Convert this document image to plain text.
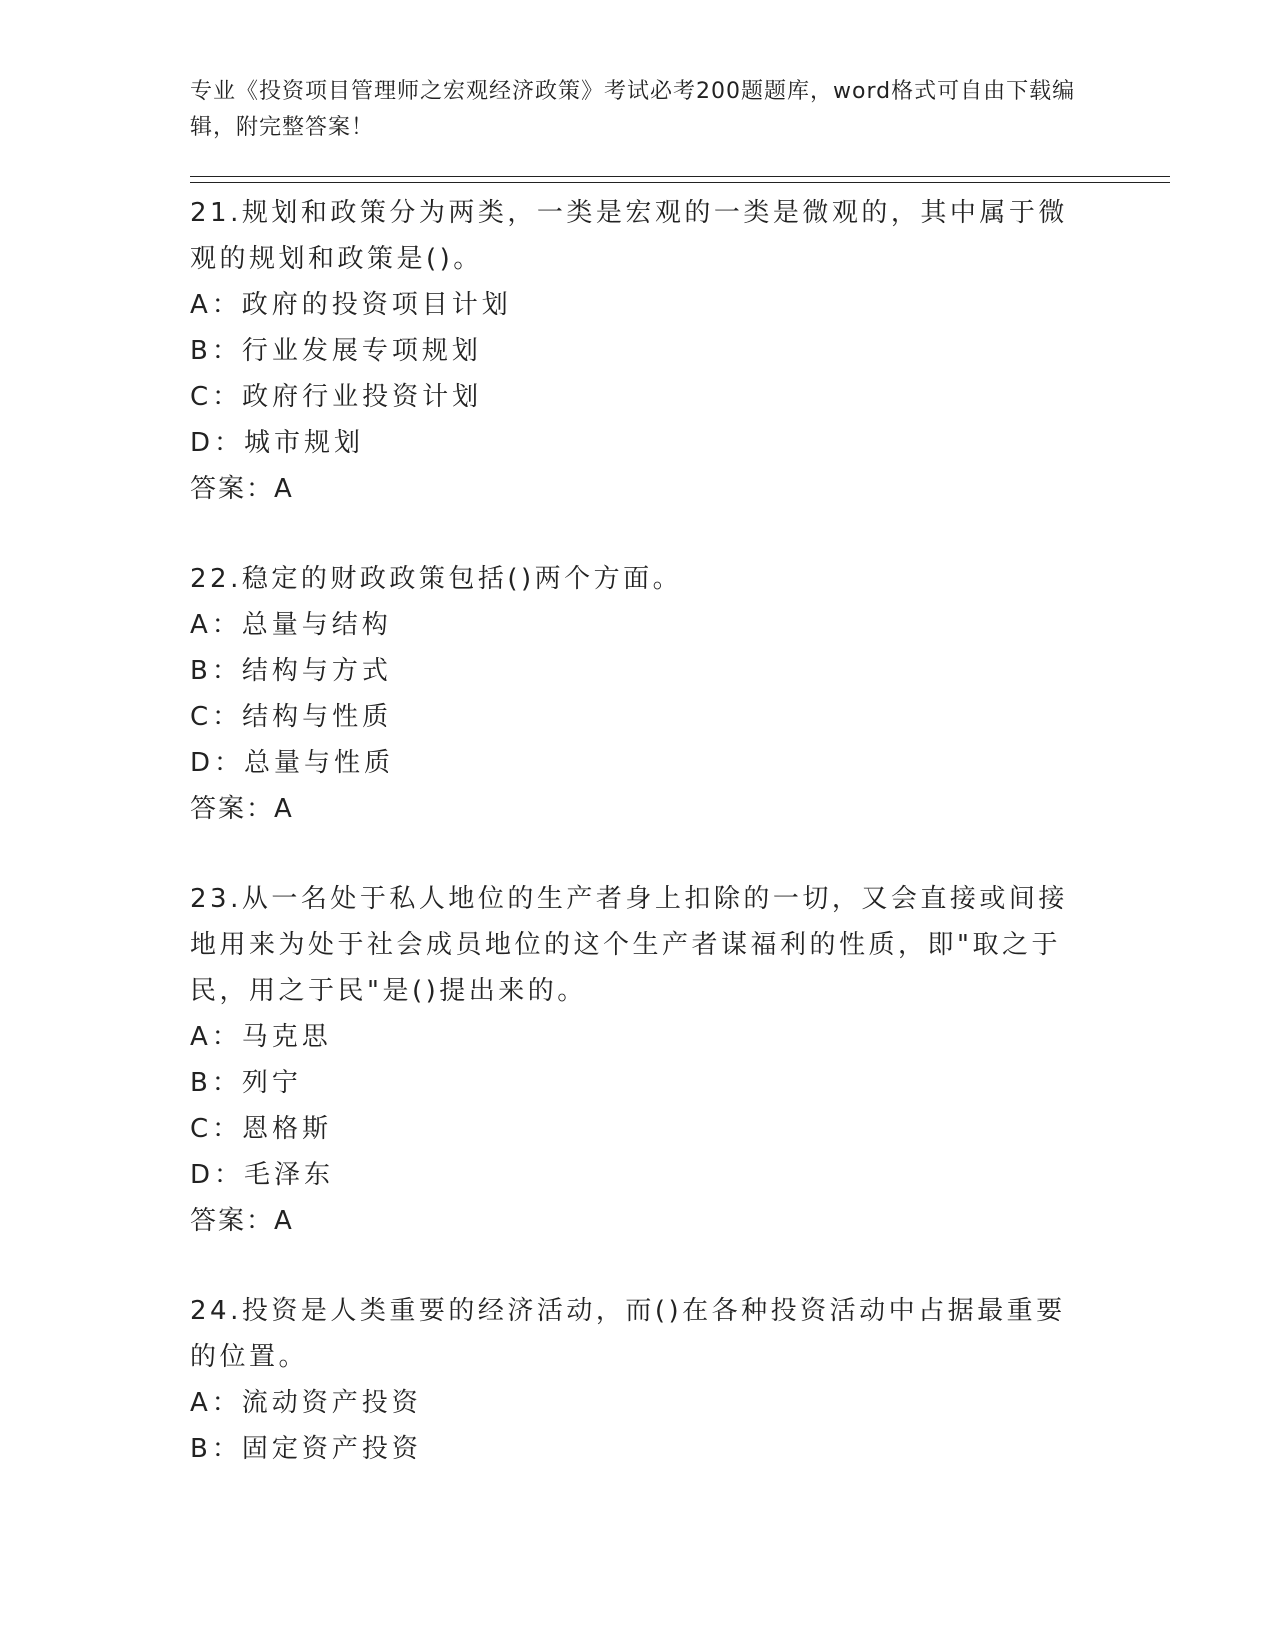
专业《投资项目管理师之宏观经济政策》考试必考200题题库，word格式可自由下载编辑，附完整答案！

21.规划和政策分为两类，一类是宏观的一类是微观的，其中属于微观的规划和政策是()。

A：政府的投资项目计划

B：行业发展专项规划

C：政府行业投资计划

D：城市规划

答案：A

22.稳定的财政政策包括()两个方面。

A：总量与结构

B：结构与方式

C：结构与性质

D：总量与性质

答案：A

23.从一名处于私人地位的生产者身上扣除的一切，又会直接或间接地用来为处于社会成员地位的这个生产者谋福利的性质，即"取之于民，用之于民"是()提出来的。

A：马克思

B：列宁

C：恩格斯

D：毛泽东

答案：A

24.投资是人类重要的经济活动，而()在各种投资活动中占据最重要的位置。

A：流动资产投资

B：固定资产投资
